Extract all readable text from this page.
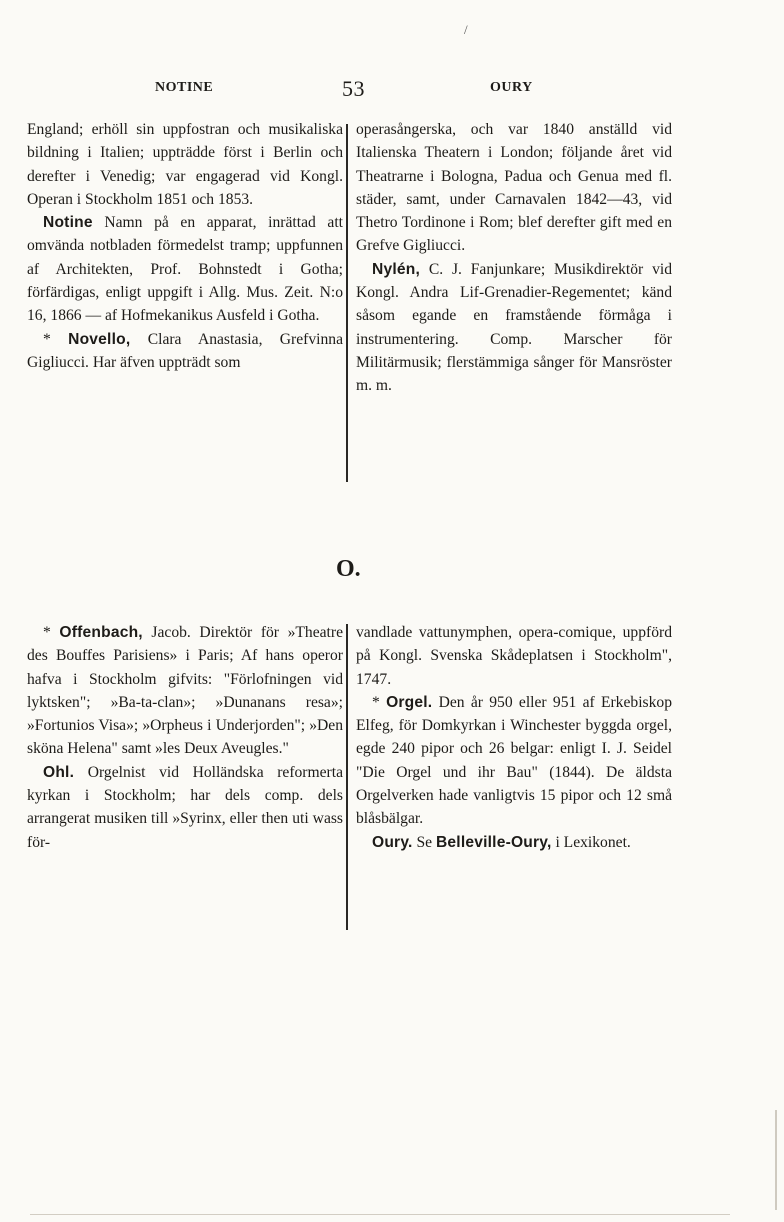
/
NOTINE	53	OURY

England; erhöll sin uppfostran och musikaliska bildning i Italien; uppträdde först i Berlin och derefter i Venedig; var engagerad vid Kongl. Operan i Stockholm 1851 och 1853.

Notine Namn på en apparat, inrättad att omvända notbladen förmedelst tramp; uppfunnen af Architekten, Prof. Bohnstedt i Gotha; förfärdigas, enligt uppgift i Allg. Mus. Zeit. N:o 16, 1866 — af Hofmekanikus Ausfeld i Gotha.

* Novello, Clara Anastasia, Grefvinna Gigliucci. Har äfven uppträdt som

operasångerska, och var 1840 anställd vid Italienska Theatern i London; följande året vid Theatrarne i Bologna, Padua och Genua med fl. städer, samt, under Carnavalen 1842—43, vid Thetro Tordinone i Rom; blef derefter gift med en Grefve Gigliucci.

Nylén, C. J. Fanjunkare; Musikdirektör vid Kongl. Andra Lif-Grenadier-Regementet; känd såsom egande en framstående förmåga i instrumentering. Comp. Marscher för Militärmusik; flerstämmiga sånger för Mansröster m. m.

O.

* Offenbach, Jacob. Direktör för »Theatre des Bouffes Parisiens» i Paris; Af hans operor hafva i Stockholm gifvits: "Förlofningen vid lyktsken"; »Ba-ta-clan»; »Dunanans resa»; »Fortunios Visa»; »Orpheus i Underjorden"; »Den sköna Helena" samt »les Deux Aveugles."

Ohl. Orgelnist vid Holländska reformerta kyrkan i Stockholm; har dels comp. dels arrangerat musiken till »Syrinx, eller then uti wass för-

vandlade vattunymphen, opera-comique, uppförd på Kongl. Svenska Skådeplatsen i Stockholm", 1747.

* Orgel. Den år 950 eller 951 af Erkebiskop Elfeg, för Domkyrkan i Winchester byggda orgel, egde 240 pipor och 26 belgar: enligt I. J. Seidel "Die Orgel und ihr Bau" (1844). De äldsta Orgelverken hade vanligtvis 15 pipor och 12 små blåsbälgar.

Oury. Se Belleville-Oury, i Lexikonet.
